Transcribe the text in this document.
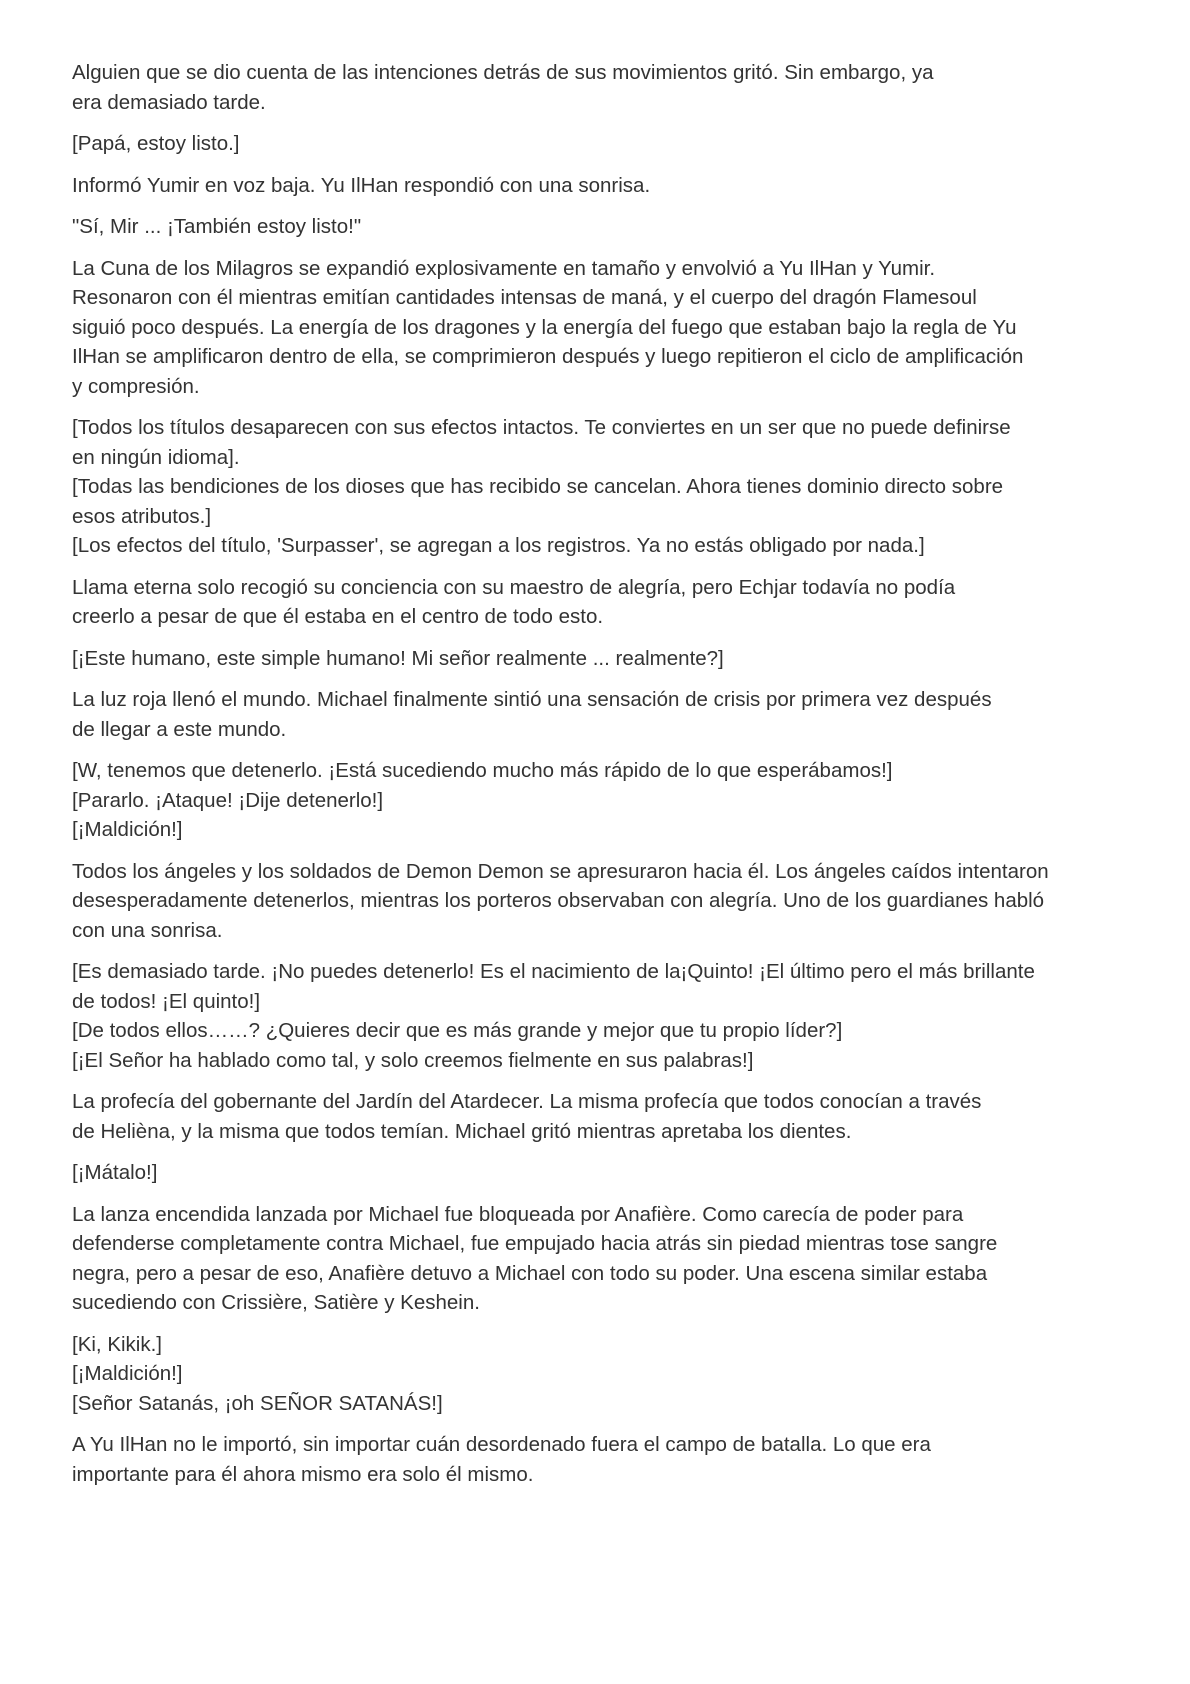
Alguien que se dio cuenta de las intenciones detrás de sus movimientos gritó. Sin embargo, ya
era demasiado tarde.

[Papá, estoy listo.]

Informó Yumir en voz baja. Yu IlHan respondió con una sonrisa.

"Sí, Mir ... ¡También estoy listo!"

La Cuna de los Milagros se expandió explosivamente en tamaño y envolvió a Yu IlHan y Yumir.
Resonaron con él mientras emitían cantidades intensas de maná, y el cuerpo del dragón Flamesoul
siguió poco después. La energía de los dragones y la energía del fuego que estaban bajo la regla de Yu
IlHan se amplificaron dentro de ella, se comprimieron después y luego repitieron el ciclo de amplificación
y compresión.

[Todos los títulos desaparecen con sus efectos intactos. Te conviertes en un ser que no puede definirse
en ningún idioma].
[Todas las bendiciones de los dioses que has recibido se cancelan. Ahora tienes dominio directo sobre
esos atributos.]
[Los efectos del título, 'Surpasser', se agregan a los registros. Ya no estás obligado por nada.]

Llama eterna solo recogió su conciencia con su maestro de alegría, pero Echjar todavía no podía
creerlo a pesar de que él estaba en el centro de todo esto.

[¡Este humano, este simple humano! Mi señor realmente ... realmente?]

La luz roja llenó el mundo. Michael finalmente sintió una sensación de crisis por primera vez después
de llegar a este mundo.

[W, tenemos que detenerlo. ¡Está sucediendo mucho más rápido de lo que esperábamos!]
[Pararlo. ¡Ataque! ¡Dije detenerlo!]
[¡Maldición!]

Todos los ángeles y los soldados de Demon Demon se apresuraron hacia él. Los ángeles caídos intentaron
desesperadamente detenerlos, mientras los porteros observaban con alegría. Uno de los guardianes habló
con una sonrisa.

[Es demasiado tarde. ¡No puedes detenerlo! Es el nacimiento de la¡Quinto! ¡El último pero el más brillante
de todos! ¡El quinto!]
[De todos ellos……? ¿Quieres decir que es más grande y mejor que tu propio líder?]
[¡El Señor ha hablado como tal, y solo creemos fielmente en sus palabras!]

La profecía del gobernante del Jardín del Atardecer. La misma profecía que todos conocían a través
de Helièna, y la misma que todos temían. Michael gritó mientras apretaba los dientes.

[¡Mátalo!]

La lanza encendida lanzada por Michael fue bloqueada por Anafière. Como carecía de poder para
defenderse completamente contra Michael, fue empujado hacia atrás sin piedad mientras tose sangre
negra, pero a pesar de eso, Anafière detuvo a Michael con todo su poder. Una escena similar estaba
sucediendo con Crissière, Satière y Keshein.

[Ki, Kikik.]
[¡Maldición!]
[Señor Satanás, ¡oh SEÑOR SATANÁS!]

A Yu IlHan no le importó, sin importar cuán desordenado fuera el campo de batalla. Lo que era
importante para él ahora mismo era solo él mismo.
